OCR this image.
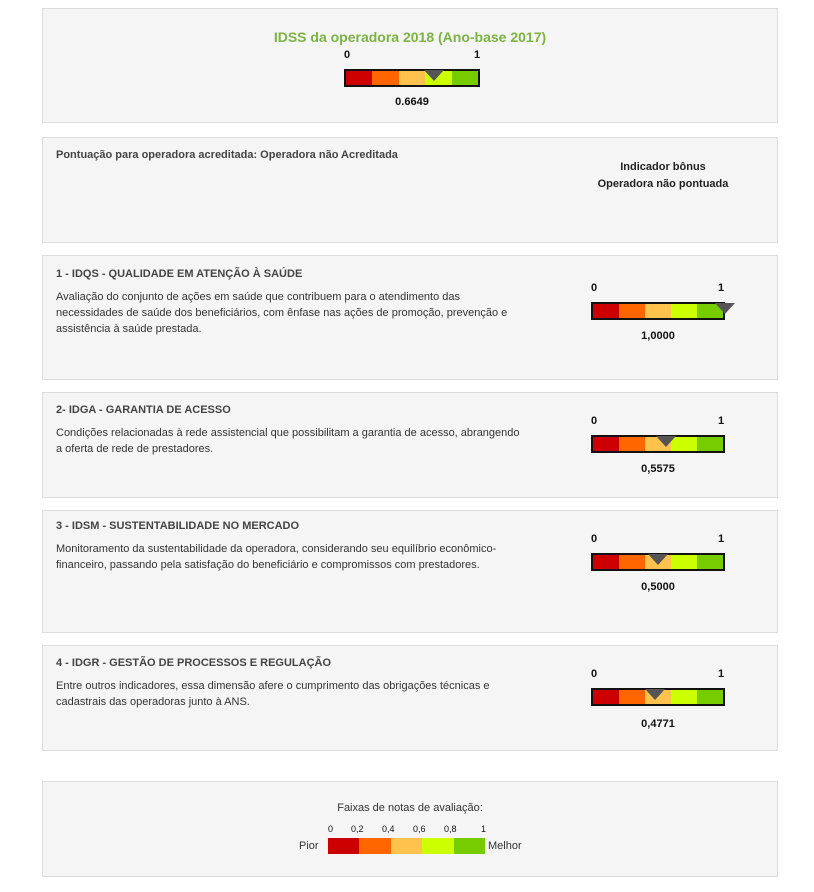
IDSS da operadora 2018 (Ano-base 2017)
0	1
0.6649
Pontuação para operadora acreditada: Operadora não Acreditada
Indicador bônus
Operadora não pontuada
1 - IDQS - QUALIDADE EM ATENÇÃO À SAÚDE
Avaliação do conjunto de ações em saúde que contribuem para o atendimento das necessidades de saúde dos beneficiários, com ênfase nas ações de promoção, prevenção e assistência à saúde prestada.
0	1
1,0000
2- IDGA - GARANTIA DE ACESSO
Condições relacionadas à rede assistencial que possibilitam a garantia de acesso, abrangendo a oferta de rede de prestadores.
0	1
0,5575
3 - IDSM - SUSTENTABILIDADE NO MERCADO
Monitoramento da sustentabilidade da operadora, considerando seu equilíbrio econômico-financeiro, passando pela satisfação do beneficiário e compromissos com prestadores.
0	1
0,5000
4 - IDGR - GESTÃO DE PROCESSOS E REGULAÇÃO
Entre outros indicadores, essa dimensão afere o cumprimento das obrigações técnicas e cadastrais das operadoras junto à ANS.
0	1
0,4771
Faixas de notas de avaliação:
0 0,2 0,4 0,6 0,8	1
Pior	Melhor
